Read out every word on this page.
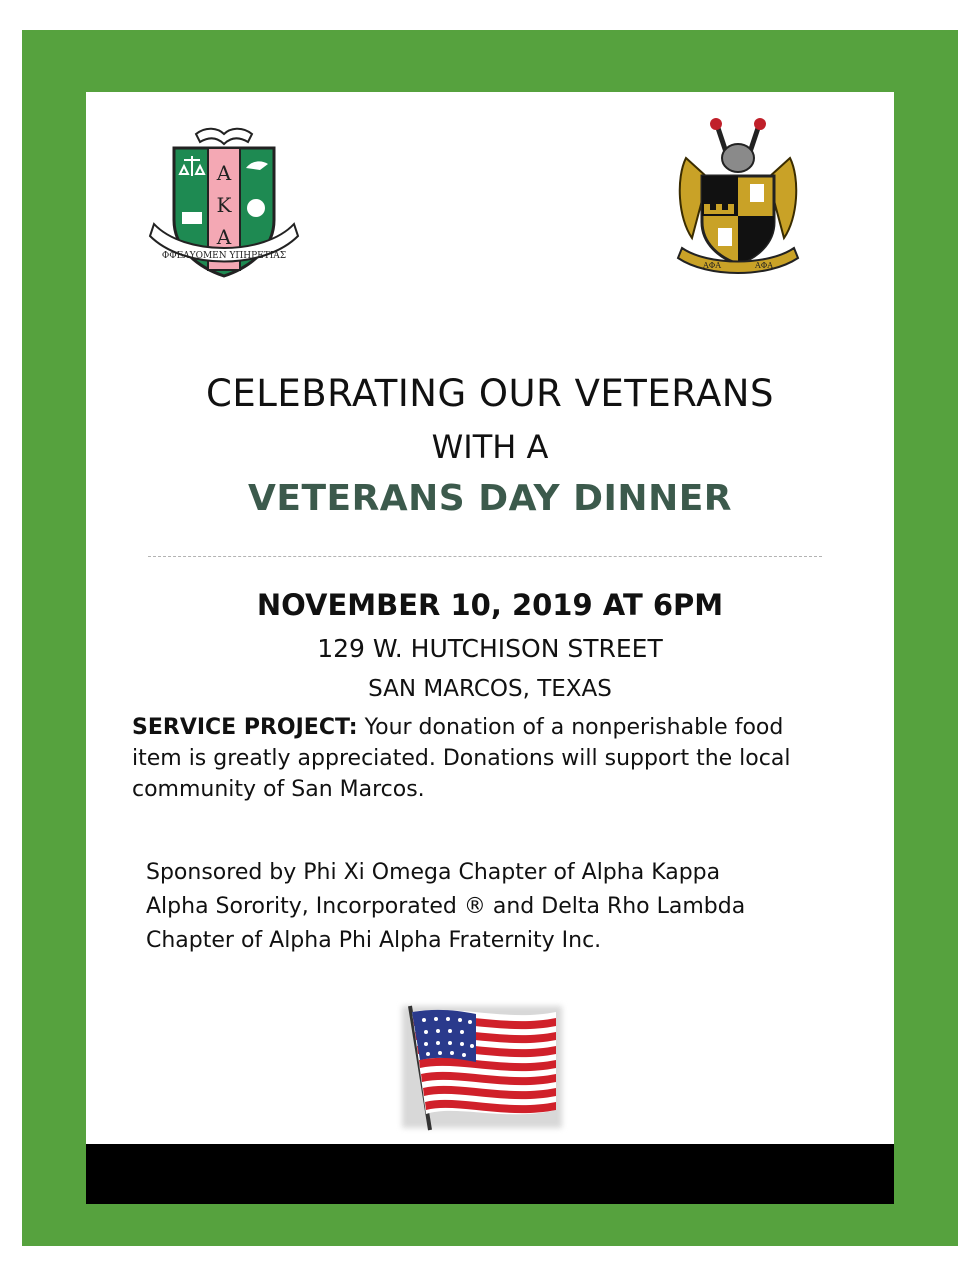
Α
Κ
Α
ΦΦΕΛΥΟΜΕΝ ΥΠΗΡΕΤΙΑΣ
ΑΦΑ	ΑΦΑ

CELEBRATING OUR VETERANS

WITH A

VETERANS DAY DINNER

NOVEMBER 10, 2019 AT 6PM

129 W. HUTCHISON STREET

SAN MARCOS, TEXAS

SERVICE PROJECT: Your donation of a nonperishable food item is greatly appreciated. Donations will support the local community of San Marcos.

Sponsored by Phi Xi Omega Chapter of Alpha Kappa
Alpha Sorority, Incorporated ® and Delta Rho Lambda
Chapter of Alpha Phi Alpha Fraternity Inc.
